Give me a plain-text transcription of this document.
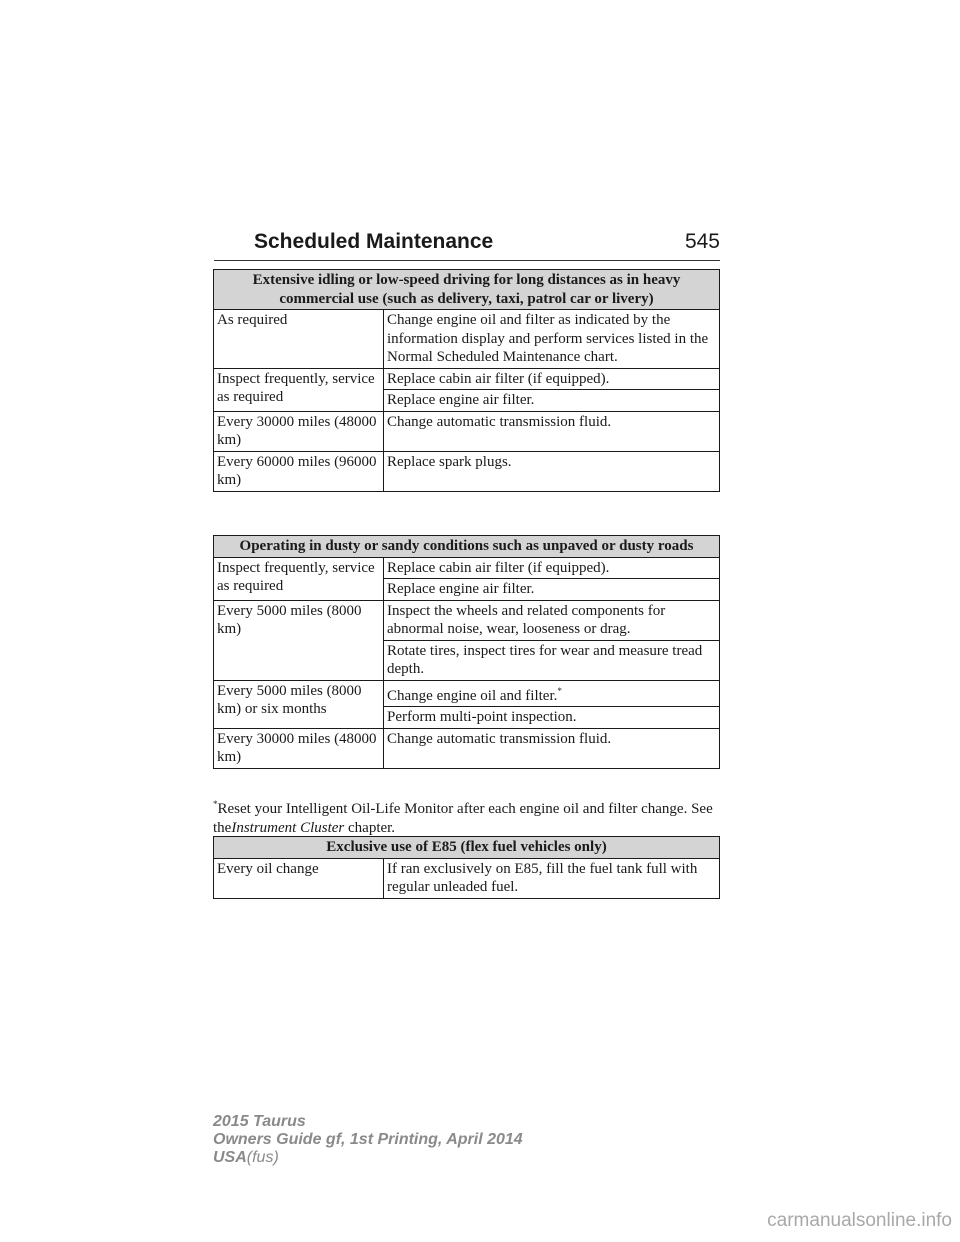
Scheduled Maintenance	545
Extensive idling or low-speed driving for long distances as in heavy commercial use (such as delivery, taxi, patrol car or livery)	
As required	Change engine oil and filter as indicated by the information display and perform services listed in the Normal Scheduled Maintenance chart.
Inspect frequently, service as required	Replace cabin air filter (if equipped).
	Replace engine air filter.
Every 30000 miles (48000 km)	Change automatic transmission fluid.
Every 60000 miles (96000 km)	Replace spark plugs.
Operating in dusty or sandy conditions such as unpaved or dusty roads	
Inspect frequently, service as required	Replace cabin air filter (if equipped).
	Replace engine air filter.
Every 5000 miles (8000 km)	Inspect the wheels and related components for abnormal noise, wear, looseness or drag.
	Rotate tires, inspect tires for wear and measure tread depth.
Every 5000 miles (8000 km) or six months	Change engine oil and filter.*
	Perform multi-point inspection.
Every 30000 miles (48000 km)	Change automatic transmission fluid.
*Reset your Intelligent Oil-Life Monitor after each engine oil and filter change. See theInstrument Cluster chapter.
Exclusive use of E85 (flex fuel vehicles only)
Every oil change	If ran exclusively on E85, fill the fuel tank full with regular unleaded fuel.
2015 Taurus
Owners Guide gf, 1st Printing, April 2014
USA(fus)
carmanualsonline.info
